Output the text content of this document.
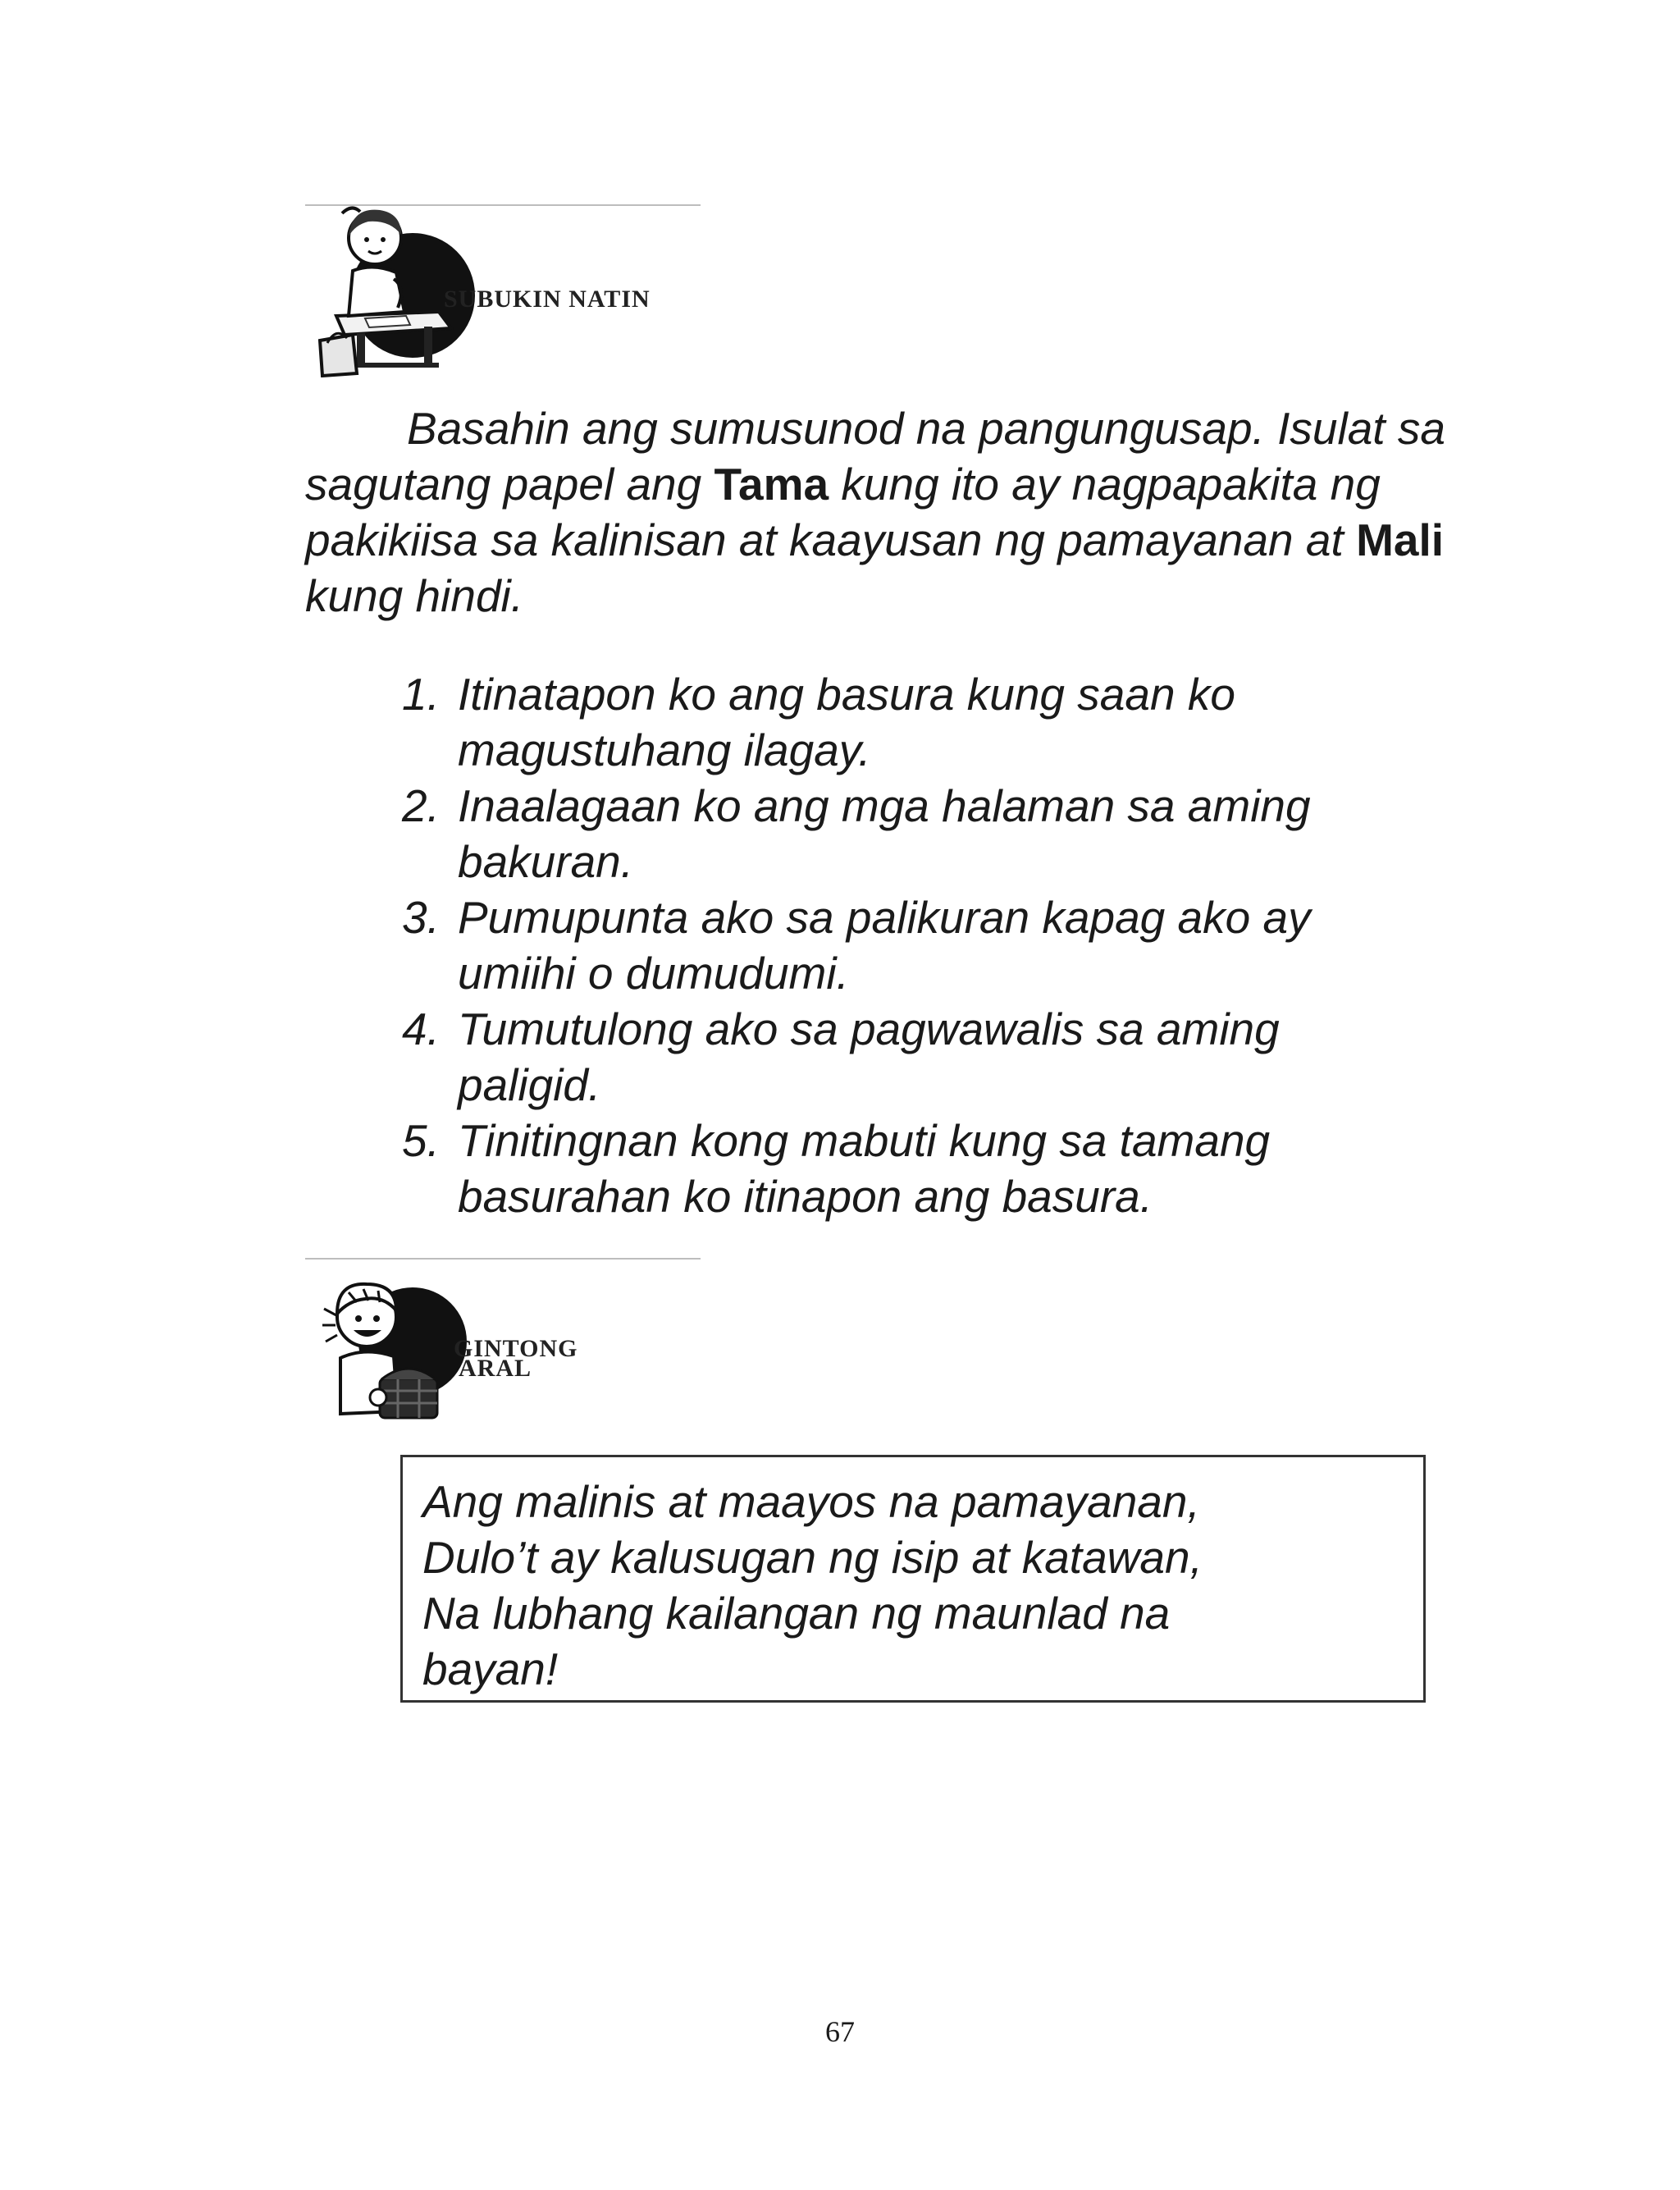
SUBUKIN NATIN

Basahin ang sumusunod na pangungusap. Isulat sa sagutang papel ang Tama kung ito ay nagpapakita ng pakikiisa sa kalinisan at kaayusan ng pamayanan at Mali kung hindi.

1. Itinatapon ko ang basura kung saan ko
magustuhang ilagay.
2. Inaalagaan ko ang mga halaman sa aming
bakuran.
3. Pumupunta ako sa palikuran kapag ako ay
umiihi o dumudumi.
4. Tumutulong ako sa pagwawalis sa aming
paligid.
5. Tinitingnan kong mabuti kung sa tamang
basurahan ko itinapon ang basura.
GINTONG
ARAL
Ang malinis at maayos na pamayanan,
Dulo’t ay kalusugan ng isip at katawan,
Na lubhang kailangan ng maunlad na
bayan!
67
